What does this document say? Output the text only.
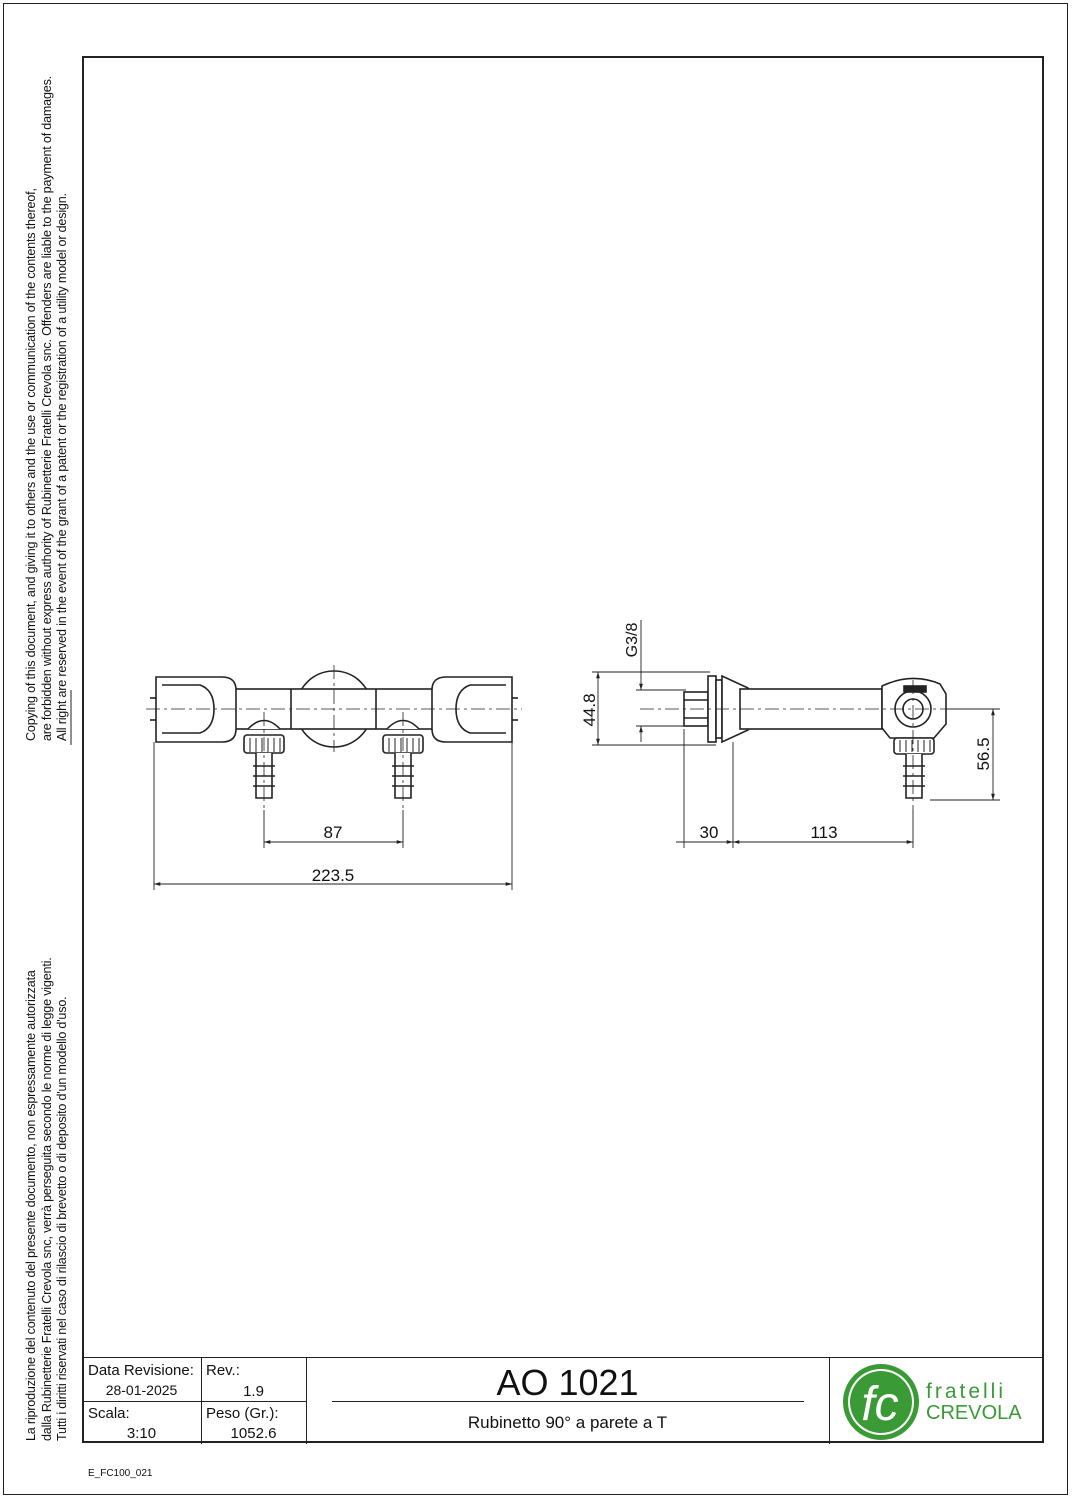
Copying of this document, and giving it to others and the use or communication of the contents thereof, are forbidden without express authority of Rubinetterie Fratelli Crevola snc. Offenders are liable to the payment of damages. All right are reserved in the event of the grant of a patent or the registration of a utility model or design.
La riproduzione del contenuto del presente documento, non espressamente autorizzata dalla Rubinetterie Fratelli Crevola snc, verrà perseguita secondo le norme di legge vigenti. Tutti i diritti riservati nel caso di rilascio di brevetto o di deposito d'un modello d'uso.
87
223.5
30	113
44.8
56.5
G3/8
Data Revisione:
28-01-2025
Rev.:
1.9
Scala:
3:10
Peso (Gr.):
1052.6
AO 1021
Rubinetto 90° a parete a T	fc fratelli
CREVOLA
E_FC100_021
